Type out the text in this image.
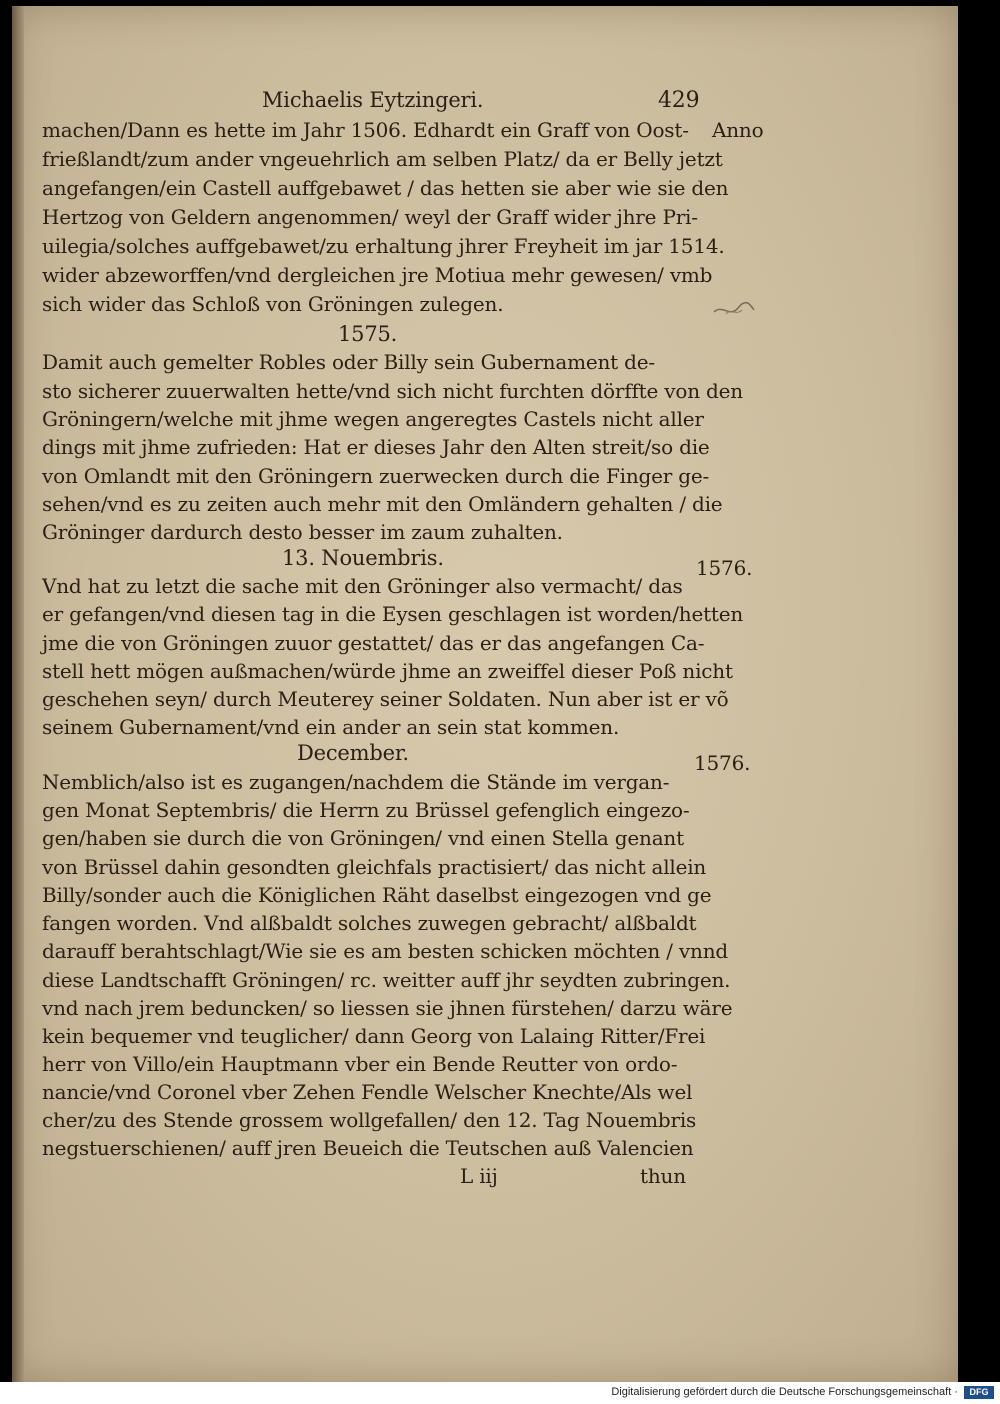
Michaelis Eytzingeri.	429
Anno
machen/Dann es hette im Jahr 1506. Edhardt ein Graff von Oost-
frießlandt/zum ander vngeuehrlich am selben Platz/ da er Belly jetzt
angefangen/ein Castell auffgebawet / das hetten sie aber wie sie den
Hertzog von Geldern angenommen/ weyl der Graff wider jhre Pri-
uilegia/solches auffgebawet/zu erhaltung jhrer Freyheit im jar 1514.
wider abzeworffen/vnd dergleichen jre Motiua mehr gewesen/ vmb
sich wider das Schloß von Gröningen zulegen.
1575.
Damit auch gemelter Robles oder Billy sein Gubernament de-
sto sicherer zuuerwalten hette/vnd sich nicht furchten dörffte von den
Gröningern/welche mit jhme wegen angeregtes Castels nicht aller
dings mit jhme zufrieden: Hat er dieses Jahr den Alten streit/so die
von Omlandt mit den Gröningern zuerwecken durch die Finger ge-
sehen/vnd es zu zeiten auch mehr mit den Omländern gehalten / die
Gröninger dardurch desto besser im zaum zuhalten.
13. Nouembris.	1576.
Vnd hat zu letzt die sache mit den Gröninger also vermacht/ das
er gefangen/vnd diesen tag in die Eysen geschlagen ist worden/hetten
jme die von Gröningen zuuor gestattet/ das er das angefangen Ca-
stell hett mögen außmachen/würde jhme an zweiffel dieser Poß nicht
geschehen seyn/ durch Meuterey seiner Soldaten. Nun aber ist er võ
seinem Gubernament/vnd ein ander an sein stat kommen.
December.	1576.
Nemblich/also ist es zugangen/nachdem die Stände im vergan-
gen Monat Septembris/ die Herrn zu Brüssel gefenglich eingezo-
gen/haben sie durch die von Gröningen/ vnd einen Stella genant
von Brüssel dahin gesondten gleichfals practisiert/ das nicht allein
Billy/sonder auch die Königlichen Räht daselbst eingezogen vnd ge
fangen worden. Vnd alßbaldt solches zuwegen gebracht/ alßbaldt
darauff berahtschlagt/Wie sie es am besten schicken möchten / vnnd
diese Landtschafft Gröningen/ rc. weitter auff jhr seydten zubringen.
vnd nach jrem beduncken/ so liessen sie jhnen fürstehen/ darzu wäre
kein bequemer vnd teuglicher/ dann Georg von Lalaing Ritter/Frei
herr von Villo/ein Hauptmann vber ein Bende Reutter von ordo-
nancie/vnd Coronel vber Zehen Fendle Welscher Knechte/Als wel
cher/zu des Stende grossem wollgefallen/ den 12. Tag Nouembris
negstuerschienen/ auff jren Beueich die Teutschen auß Valencien
L iij	thun
Digitalisierung gefördert durch die Deutsche Forschungsgemeinschaft ·	DFG
